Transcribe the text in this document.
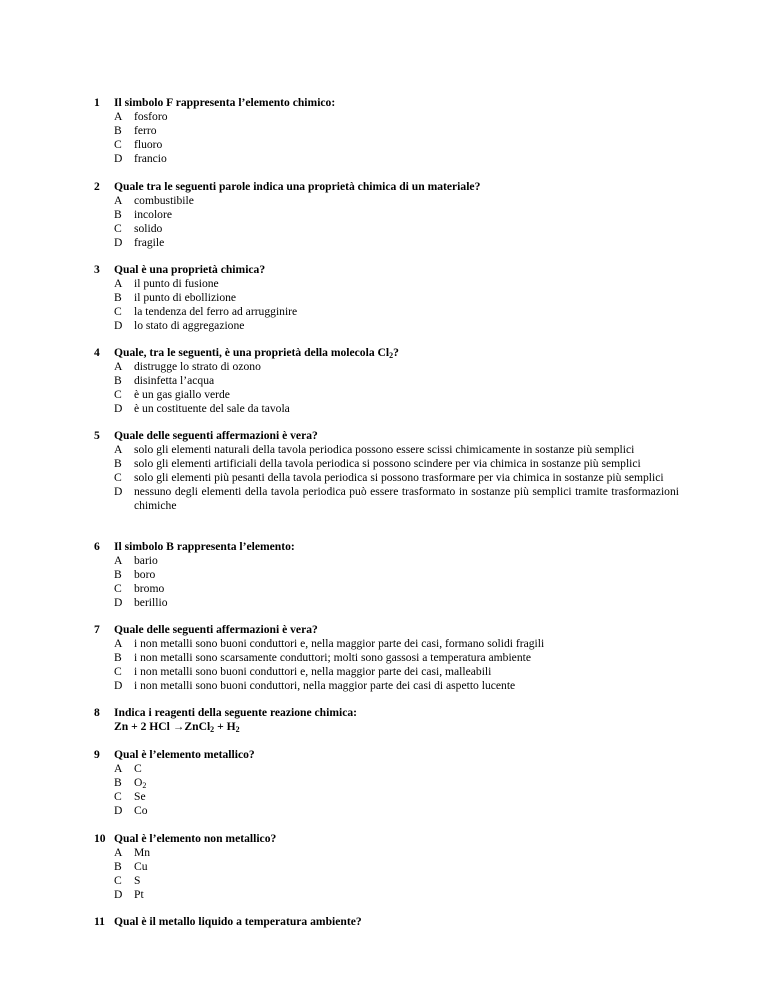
1	Il simbolo F rappresenta l’elemento chimico:
A	fosforo
B	ferro
C	fluoro
D	francio
2	Quale tra le seguenti parole indica una proprietà chimica di un materiale?
A	combustibile
B	incolore
C	solido
D	fragile
3	Qual è una proprietà chimica?
A	il punto di fusione
B	il punto di ebollizione
C	la tendenza del ferro ad arrugginire
D	lo stato di aggregazione
4	Quale, tra le seguenti, è una proprietà della molecola $Cl_2$?
A	distrugge lo strato di ozono
B	disinfetta l’acqua
C	è un gas giallo verde
D	è un costituente del sale da tavola
5	Quale delle seguenti affermazioni è vera?
A	solo gli elementi naturali della tavola periodica possono essere scissi chimicamente in sostanze più semplici
B	solo gli elementi artificiali della tavola periodica si possono scindere per via chimica in sostanze più semplici
C	solo gli elementi più pesanti della tavola periodica si possono trasformare per via chimica in sostanze più semplici
D	nessuno degli elementi della tavola periodica può essere trasformato in sostanze più semplici tramite trasformazioni chimiche
6	Il simbolo B rappresenta l’elemento:
A	bario
B	boro
C	bromo
D	berillio
7	Quale delle seguenti affermazioni è vera?
A	i non metalli sono buoni conduttori e, nella maggior parte dei casi, formano solidi fragili
B	i non metalli sono scarsamente conduttori; molti sono gassosi a temperatura ambiente
C	i non metalli sono buoni conduttori e, nella maggior parte dei casi, malleabili
D	i non metalli sono buoni conduttori, nella maggior parte dei casi di aspetto lucente
8	Indica i reagenti della seguente reazione chimica:
Zn + 2 HCl →ZnCl$_2$ + $H_2$
9	Qual è l’elemento metallico?
A	C
B	$O_2$
C	Se
D	Co
10 Qual è l’elemento non metallico?
A	Mn
B	Cu
C	S
D	Pt
11 Qual è il metallo liquido a temperatura ambiente?
